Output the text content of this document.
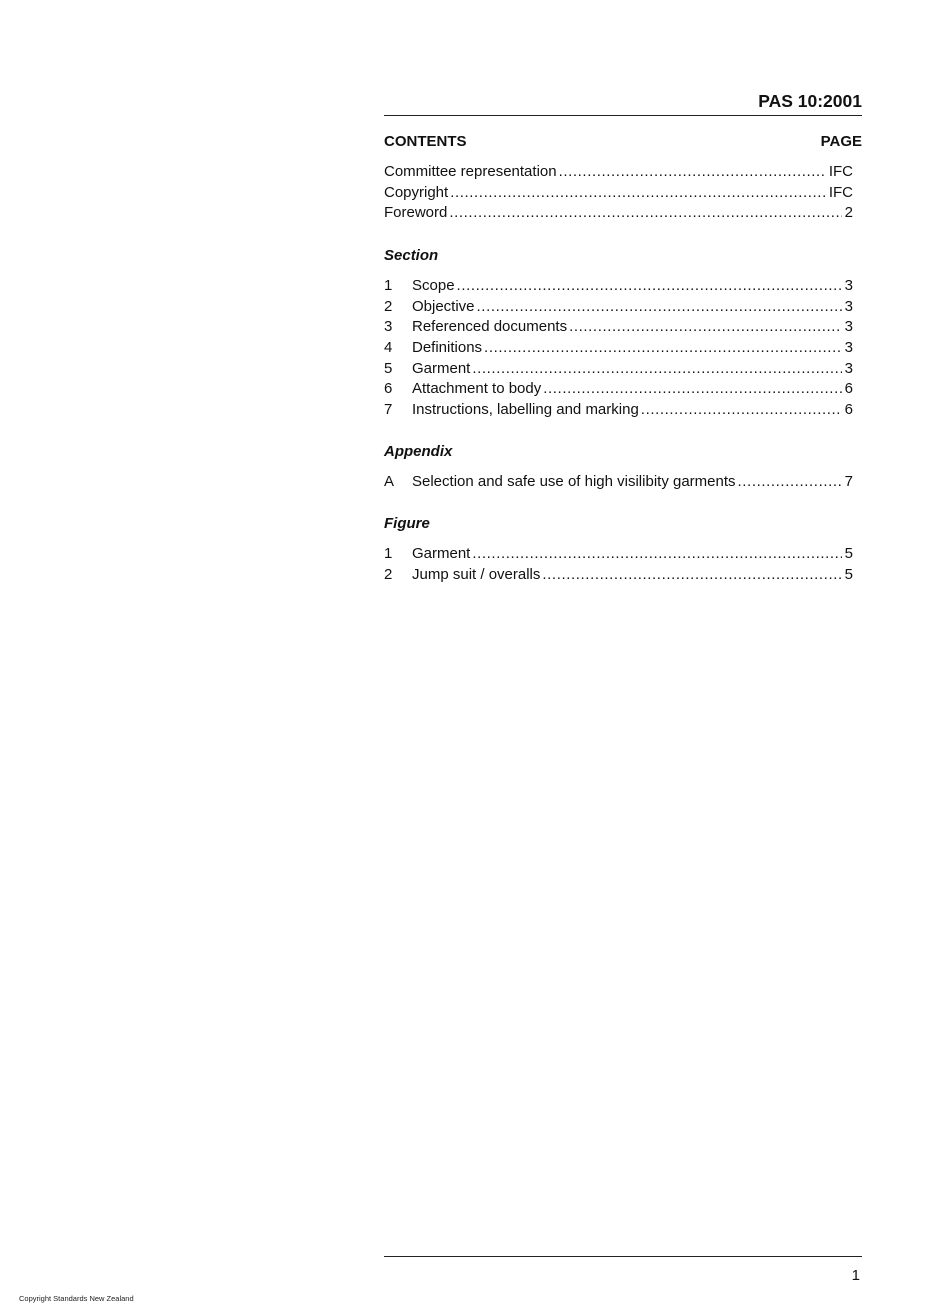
PAS 10:2001
CONTENTS	PAGE
Committee representation .....	IFC
Copyright .....	IFC
Foreword .....	2
Section
1	Scope .....	3
2	Objective .....	3
3	Referenced documents .....	3
4	Definitions .....	3
5	Garment .....	3
6	Attachment to body .....	6
7	Instructions, labelling and marking .....	6
Appendix
A	Selection and safe use of high visilibity garments .....	7
Figure
1	Garment .....	5
2	Jump suit / overalls .....	5
1
Copyright Standards New Zealand
